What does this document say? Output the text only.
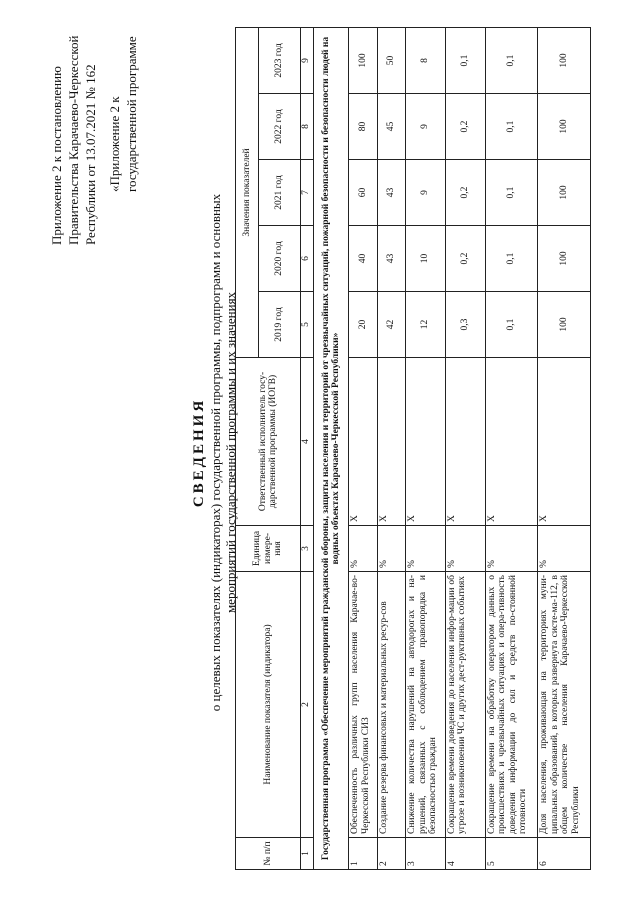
Приложение 2 к постановлению Правительства Карачаево-Черкесской Республики от 13.07.2021 № 162 «Приложение 2 к государственной программе
СВЕДЕНИЯ о целевых показателях (индикаторах) государственной программы, подпрограмм и основных мероприятий государственной программы и их значениях
№ п/п	Наименование показателя (индикатора)	Единица измере-ния	Ответственный исполнитель госу-дарственной программы (ИОГВ)	Значения показателей				
				2019 год	2020 год	2021 год	2022 год	2023 год
1	2	3	4	5	6	7	8	9
Государственная программа «Обеспечение мероприятий гражданской обороны, защиты населения и территорий от чрезвычайных ситуаций, пожарной безопасности и безопасности людей на водных объектах Карачаево-Черкесской Республики»								
1	Обеспеченность различных групп населения Карачае-во-Черкесской Республики СИЗ	%	X	20	40	60	80	100
2	Создание резерва финансовых и материальных ресур-сов	%	X	42	43	43	45	50
3	Снижение количества нарушений на автодорогах и на-рушений, связанных с соблюдением правопорядка и безопасностью граждан	%	X	12	10	9	9	8
4	Сокращение времени доведения до населения инфор-мации об угрозе и возникновении ЧС и других дест-руктивных событиях	%	X	0,3	0,2	0,2	0,2	0,1
5	Сокращение времени на обработку оператором данных о происшествиях и чрезвычайных ситуациях и опера-тивность доведения информации до сил и средств по-стоянной готовности	%	X	0,1	0,1	0,1	0,1	0,1
6	Доля населения, проживающая на территориях муни-ципальных образований, в которых развернута систе-ма-112, в общем количестве населения Карачаево-Черкесской Республики	%	X	100	100	100	100	100
